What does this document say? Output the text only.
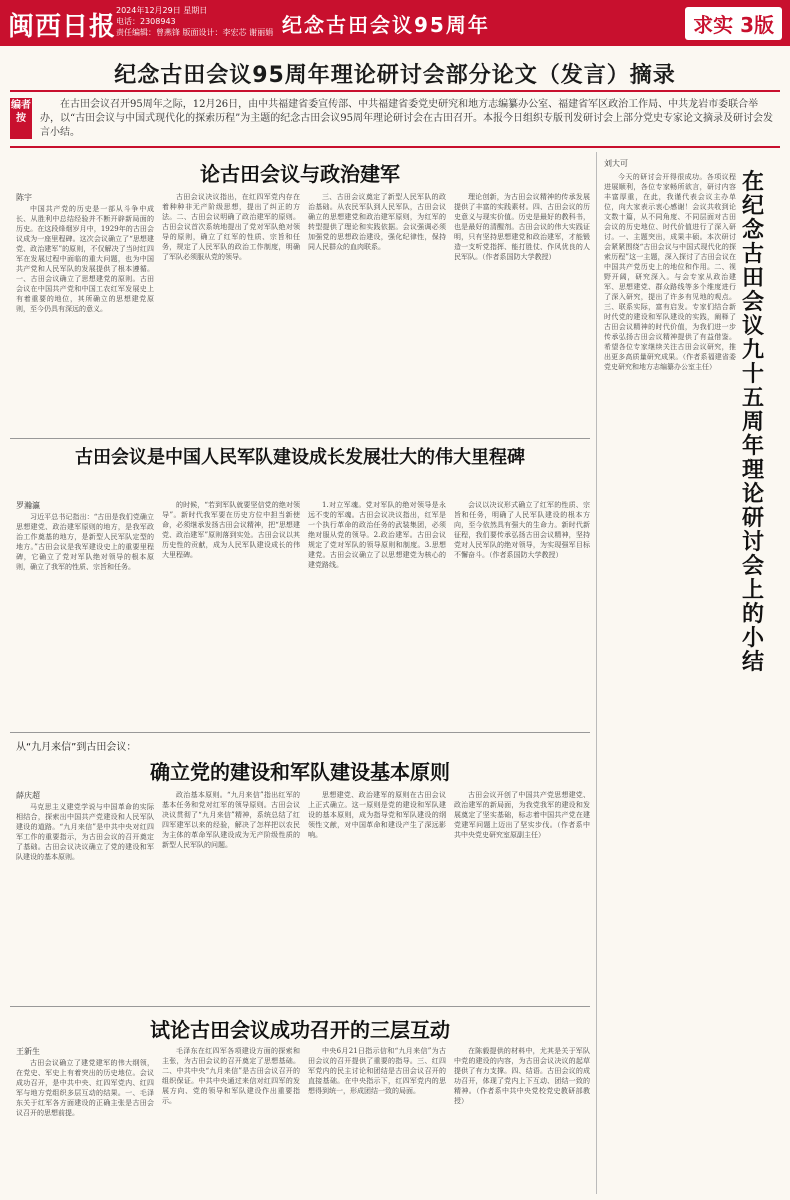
闽西日报
2024年12月29日 星期日
电话：2308943
责任编辑：曾燕锋 版面设计：李宏芯 谢丽娟 纪念古田会议95周年	求实 3版
纪念古田会议95周年理论研讨会部分论文（发言）摘录
编者按
在古田会议召开95周年之际，12月26日，由中共福建省委宣传部、中共福建省委党史研究和地方志编纂办公室、福建省军区政治工作局、中共龙岩市委联合举办，以“古田会议与中国式现代化的探索历程”为主题的纪念古田会议95周年理论研讨会在古田召开。本报今日组织专版刊发研讨会上部分党史专家论文摘录及研讨会发言小结。
论古田会议与政治建军
陈宇

中国共产党的历史是一部从斗争中成长、从胜利中总结经验并不断开辟新局面的历史。在这段烽烟岁月中，1929年的古田会议成为一座里程碑。这次会议确立了“思想建党、政治建军”的原则，不仅解决了当时红四军在发展过程中面临的重大问题，也为中国共产党和人民军队的发展提供了根本遵循。一、古田会议确立了思想建党的原则。古田会议在中国共产党和中国工农红军发展史上有着重要的地位，其所确立的思想建党原则，至今仍具有深远的意义。

古田会议决议指出，在红四军党内存在着种种非无产阶级思想，提出了纠正的方法。二、古田会议明确了政治建军的原则。古田会议首次系统地提出了党对军队绝对领导的原则，确立了红军的性质、宗旨和任务，规定了人民军队的政治工作制度，明确了军队必须服从党的领导。

三、古田会议奠定了新型人民军队的政治基础。从农民军队到人民军队，古田会议确立的思想建党和政治建军原则，为红军的转型提供了理论和实践依据。会议强调必须加强党的思想政治建设，强化纪律性，保持同人民群众的血肉联系。

理论创新，为古田会议精神的传承发展提供了丰富的实践素材。四、古田会议的历史意义与现实价值。历史是最好的教科书，也是最好的清醒剂。古田会议的伟大实践证明，只有坚持思想建党和政治建军，才能锻造一支听党指挥、能打胜仗、作风优良的人民军队。（作者系国防大学教授）

古田会议是中国人民军队建设成长发展壮大的伟大里程碑
罗瀚瀛

习近平总书记指出：“古田是我们党确立思想建党、政治建军原则的地方，是我军政治工作奠基的地方，是新型人民军队定型的地方。”古田会议是我军建设史上的重要里程碑，它确立了党对军队绝对领导的根本原则，确立了我军的性质、宗旨和任务。

的时候，“若到军队就要坚信党的绝对领导”。新时代我军要在历史方位中担当新使命，必须继承发扬古田会议精神，把“思想建党、政治建军”原则落到实处。古田会议以其历史性的贡献，成为人民军队建设成长的伟大里程碑。

1.对立军魂。党对军队的绝对领导是永远不变的军魂。古田会议决议指出，红军是一个执行革命的政治任务的武装集团，必须绝对服从党的领导。2.政治建军。古田会议规定了党对军队的领导原则和制度。3.思想建党。古田会议确立了以思想建党为核心的建党路线。

会议以决议形式确立了红军的性质、宗旨和任务，明确了人民军队建设的根本方向，至今依然具有强大的生命力。新时代新征程，我们要传承弘扬古田会议精神，坚持党对人民军队的绝对领导，为实现强军目标不懈奋斗。（作者系国防大学教授）

从“九月来信”到古田会议：
确立党的建设和军队建设基本原则
薛庆超

马克思主义建党学说与中国革命的实际相结合，探索出中国共产党建设和人民军队建设的道路。“九月来信”是中共中央对红四军工作的重要指示，为古田会议的召开奠定了基础。古田会议决议确立了党的建设和军队建设的基本原则。

政治基本原则。“九月来信”指出红军的基本任务和党对红军的领导原则。古田会议决议贯彻了“九月来信”精神，系统总结了红四军建军以来的经验，解决了怎样把以农民为主体的革命军队建设成为无产阶级性质的新型人民军队的问题。

思想建党、政治建军的原则在古田会议上正式确立。这一原则是党的建设和军队建设的基本原则，成为指导党和军队建设的纲领性文献，对中国革命和建设产生了深远影响。

古田会议开创了中国共产党思想建党、政治建军的新局面，为我党我军的建设和发展奠定了坚实基础，标志着中国共产党在建党建军问题上迈出了坚实步伐。（作者系中共中央党史研究室原副主任）

试论古田会议成功召开的三层互动
王新生

古田会议确立了建党建军的伟大纲领，在党史、军史上有着突出的历史地位。会议成功召开，是中共中央、红四军党内、红四军与地方党组织多层互动的结果。一、毛泽东关于红军各方面建设的正确主张是古田会议召开的思想前提。

毛泽东在红四军各项建设方面的探索和主张，为古田会议的召开奠定了思想基础。二、中共中央“九月来信”是古田会议召开的组织保证。中共中央通过来信对红四军的发展方向、党的领导和军队建设作出重要指示。

中央6月21日指示信和“九月来信”为古田会议的召开提供了重要的指导。三、红四军党内的民主讨论和团结是古田会议召开的直接基础。在中央指示下，红四军党内的思想得到统一，形成团结一致的局面。

在陈毅提供的材料中，尤其是关于军队中党的建设的内容，为古田会议决议的起草提供了有力支撑。四、结语。古田会议的成功召开，体现了党内上下互动、团结一致的精神。（作者系中共中央党校党史教研部教授）

刘大可

今天的研讨会开得很成功。各项议程进展顺利，各位专家畅所欲言，研讨内容丰富厚重，在此，我谨代表会议主办单位，向大家表示衷心感谢！会议共收到论文数十篇，从不同角度、不同层面对古田会议的历史地位、时代价值进行了深入研讨。一、主题突出，成果丰硕。本次研讨会紧紧围绕“古田会议与中国式现代化的探索历程”这一主题，深入探讨了古田会议在中国共产党历史上的地位和作用。二、视野开阔，研究深入。与会专家从政治建军、思想建党、群众路线等多个维度进行了深入研究，提出了许多有见地的观点。三、联系实际，富有启发。专家们结合新时代党的建设和军队建设的实践，阐释了古田会议精神的时代价值，为我们进一步传承弘扬古田会议精神提供了有益借鉴。希望各位专家继续关注古田会议研究，推出更多高质量研究成果。（作者系福建省委党史研究和地方志编纂办公室主任）

在纪念古田会议九十五周年理论研讨会上的小结
